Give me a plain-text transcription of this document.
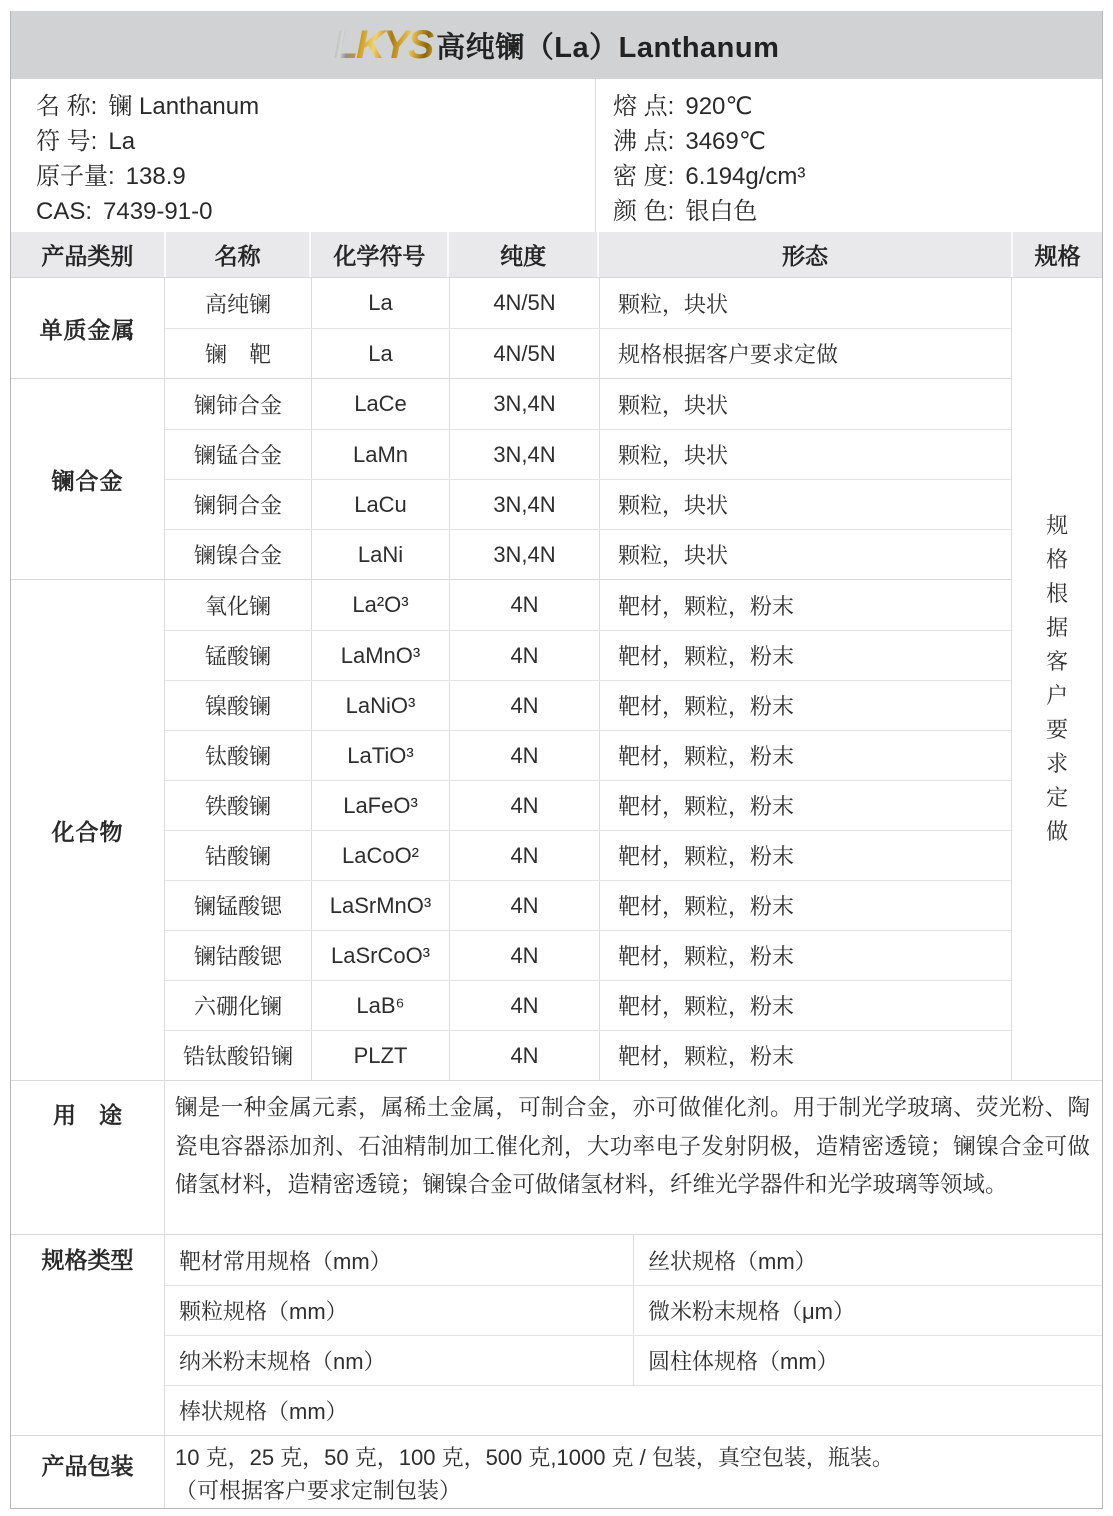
LKYS 高纯镧（La）Lanthanum
名 称: 镧 Lanthanum
符 号: La
原子量: 138.9
CAS: 7439-91-0
熔 点: 920℃
沸 点: 3469℃
密 度: 6.194g/cm³
颜 色: 银白色
产品类别	名称	化学符号	纯度	形态	规格
单质金属
高纯镧	La	4N/5N	颗粒，块状
镧　靶	La	4N/5N	规格根据客户要求定做
镧合金
镧铈合金	LaCe	3N,4N	颗粒，块状
镧锰合金	LaMn	3N,4N	颗粒，块状
镧铜合金	LaCu	3N,4N	颗粒，块状
镧镍合金	LaNi	3N,4N	颗粒，块状
化合物
氧化镧	La²O³	4N	靶材，颗粒，粉末
锰酸镧	LaMnO³	4N	靶材，颗粒，粉末
镍酸镧	LaNiO³	4N	靶材，颗粒，粉末
钛酸镧	LaTiO³	4N	靶材，颗粒，粉末
铁酸镧	LaFeO³	4N	靶材，颗粒，粉末
钴酸镧	LaCoO²	4N	靶材，颗粒，粉末
镧锰酸锶	LaSrMnO³	4N	靶材，颗粒，粉末
镧钴酸锶	LaSrCoO³	4N	靶材，颗粒，粉末
六硼化镧	LaB⁶	4N	靶材，颗粒，粉末
锆钛酸铅镧	PLZT	4N	靶材，颗粒，粉末
规格根据客户要求定做
用　途	镧是一种金属元素，属稀土金属，可制合金，亦可做催化剂。用于制光学玻璃、荧光粉、陶瓷电容器添加剂、石油精制加工催化剂，大功率电子发射阴极，造精密透镜；镧镍合金可做储氢材料，造精密透镜；镧镍合金可做储氢材料，纤维光学器件和光学玻璃等领域。
规格类型	靶材常用规格（mm）	丝状规格（mm）
颗粒规格（mm）	微米粉末规格（μm）
纳米粉末规格（nm）	圆柱体规格（mm）
棒状规格（mm）
产品包装	10 克，25 克，50 克，100 克，500 克,1000 克 / 包装，真空包装，瓶装。
（可根据客户要求定制包装）
